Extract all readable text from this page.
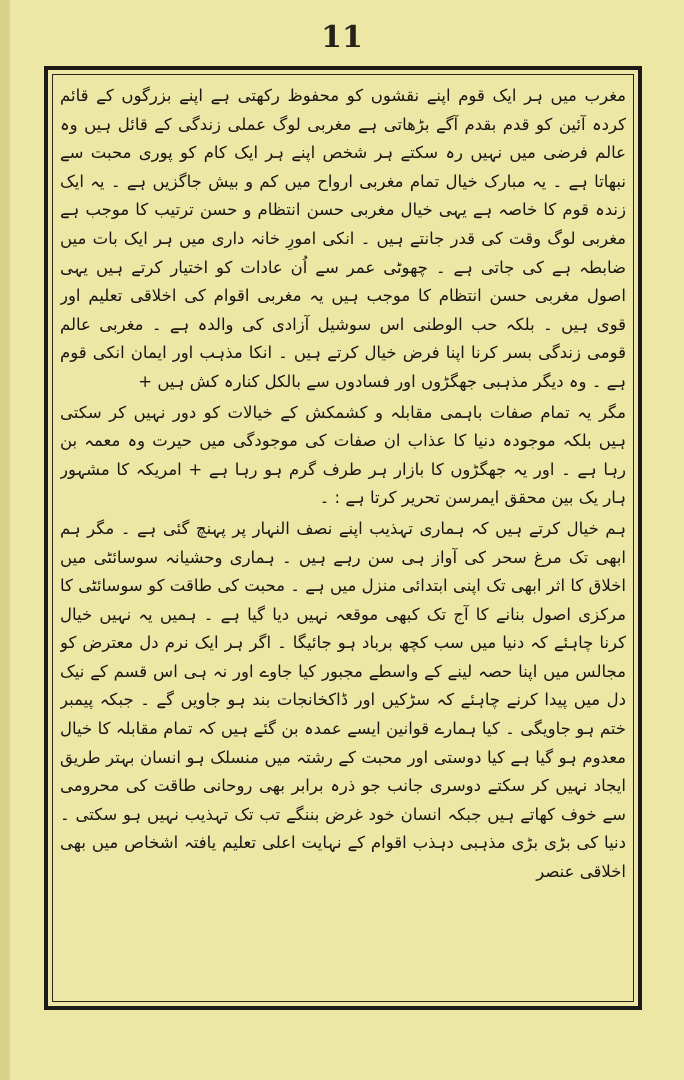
11

مغرب میں ہر ایک قوم اپنے نقشوں کو محفوظ رکھتی ہے اپنے بزرگوں کے قائم کردہ آئین کو قدم بقدم آگے بڑھاتی ہے مغربی لوگ عملی زندگی کے قائل ہیں وہ عالم فرضی میں نہیں رہ سکتے ہر شخص اپنے ہر ایک کام کو پوری محبت سے نبھاتا ہے ۔ یہ مبارک خیال تمام مغربی ارواح میں کم و بیش جاگزیں ہے ۔ یہ ایک زندہ قوم کا خاصہ ہے یہی خیال مغربی حسن انتظام و حسن ترتیب کا موجب ہے مغربی لوگ وقت کی قدر جانتے ہیں ۔ انکی امورِ خانہ داری میں ہر ایک بات میں ضابطہ ہے کی جاتی ہے ۔ چھوٹی عمر سے اُن عادات کو اختیار کرتے ہیں یہی اصول مغربی حسن انتظام کا موجب ہیں یہ مغربی اقوام کی اخلاقی تعلیم اور قوی ہیں ۔ بلکہ حب الوطنی اس سوشیل آزادی کی والدہ ہے ۔ مغربی عالم قومی زندگی بسر کرنا اپنا فرض خیال کرتے ہیں ۔ انکا مذہب اور ایمان انکی قوم ہے ۔ وہ دیگر مذہبی جھگڑوں اور فسادوں سے بالکل کنارہ کش ہیں +

مگر یہ تمام صفات باہمی مقابلہ و کشمکش کے خیالات کو دور نہیں کر سکتی ہیں بلکہ موجودہ دنیا کا عذاب ان صفات کی موجودگی میں حیرت وہ معمہ بن رہا ہے ۔ اور یہ جھگڑوں کا بازار ہر طرف گرم ہو رہا ہے + امریکہ کا مشہور ہار یک بین محقق ایمرسن تحریر کرتا ہے : ۔

ہم خیال کرتے ہیں کہ ہماری تہذیب اپنے نصف النہار پر پہنچ گئی ہے ۔ مگر ہم ابھی تک مرغ سحر کی آواز ہی سن رہے ہیں ۔ ہماری وحشیانہ سوسائٹی میں اخلاق کا اثر ابھی تک اپنی ابتدائی منزل میں ہے ۔ محبت کی طاقت کو سوسائٹی کا مرکزی اصول بنانے کا آج تک کبھی موقعہ نہیں دیا گیا ہے ۔ ہمیں یہ نہیں خیال کرنا چاہئے کہ دنیا میں سب کچھ برباد ہو جائیگا ۔ اگر ہر ایک نرم دل معترض کو مجالس میں اپنا حصہ لینے کے واسطے مجبور کیا جاوے اور نہ ہی اس قسم کے نیک دل میں پیدا کرنے چاہئے کہ سڑکیں اور ڈاکخانجات بند ہو جاویں گے ۔ جبکہ پیمبر ختم ہو جاویگی ۔ کیا ہمارے قوانین ایسے عمدہ بن گئے ہیں کہ تمام مقابلہ کا خیال معدوم ہو گیا ہے کیا دوستی اور محبت کے رشتہ میں منسلک ہو انسان بہتر طریق ایجاد نہیں کر سکتے دوسری جانب جو ذرہ برابر بھی روحانی طاقت کی محرومی سے خوف کھاتے ہیں جبکہ انسان خود غرض بننگے تب تک تہذیب نہیں ہو سکتی ۔ دنیا کی بڑی بڑی مذہبی دہذب اقوام کے نہایت اعلی تعلیم یافتہ اشخاص میں بھی اخلاقی عنصر
